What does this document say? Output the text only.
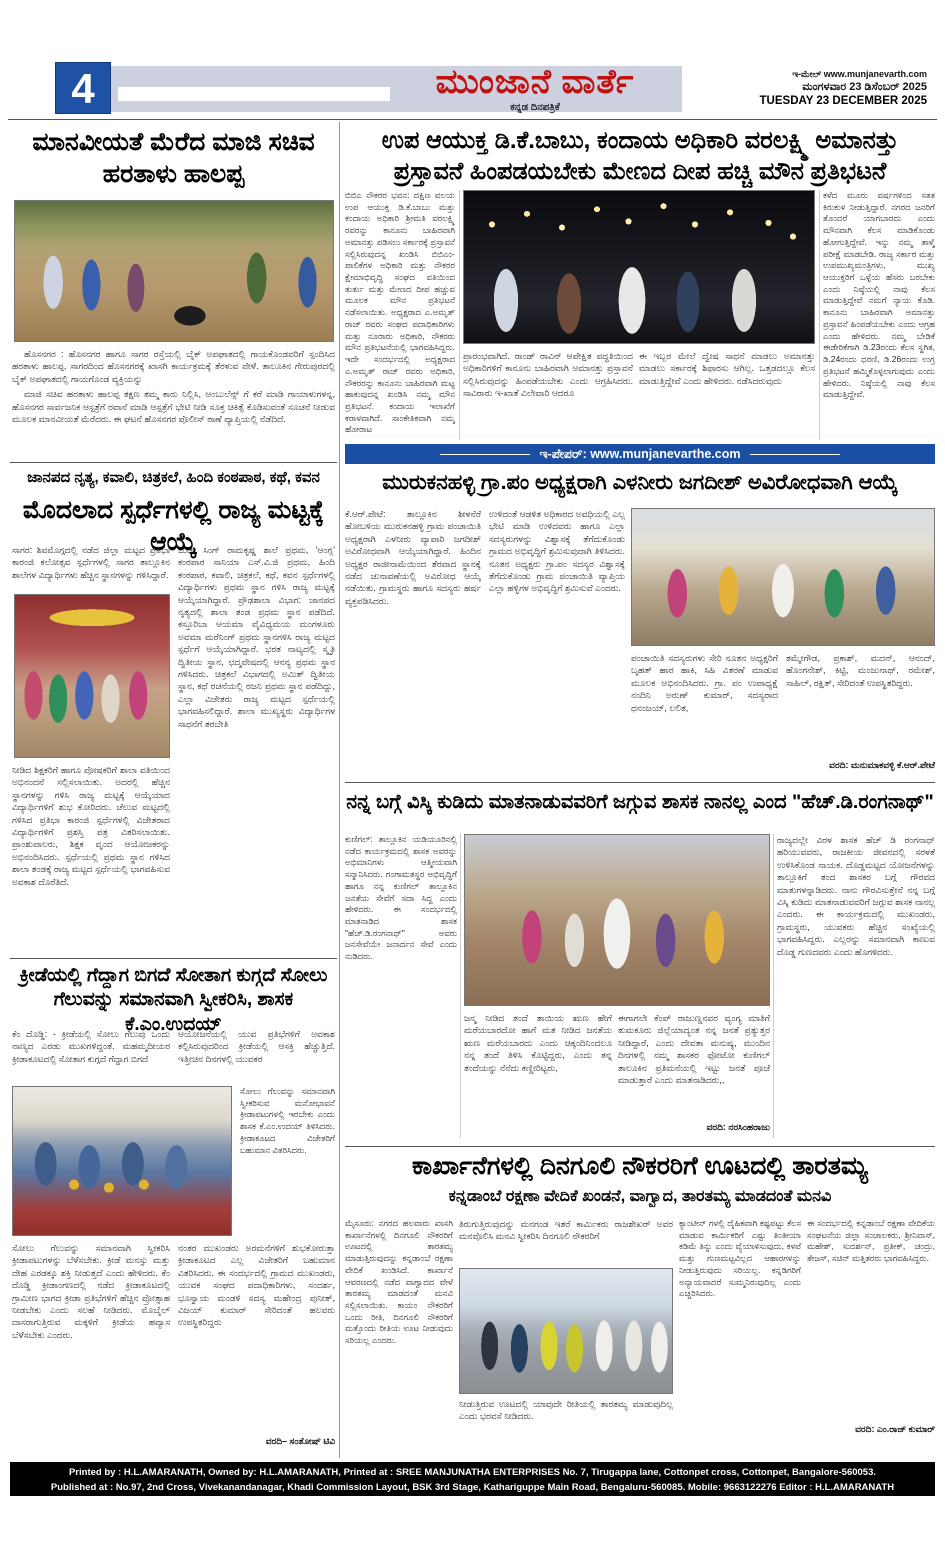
4	ಮುಂಜಾನೆ ವಾರ್ತೆ
ಕನ್ನಡ ದಿನಪತ್ರಿಕೆ
ಇ-ಮೇಲ್ www.munjanevarth.com
ಮಂಗಳವಾರ 23 ಡಿಸೆಂಬರ್ 2025
TUESDAY 23 DECEMBER 2025
ಮಾನವೀಯತೆ ಮೆರೆದ ಮಾಜಿ ಸಚಿವ ಹರತಾಳು ಹಾಲಪ್ಪ

ಹೊಸನಗರ : ಹೊಸನಗರ ಹಾಗೂ ಸಾಗರ ರಸ್ತೆಯಲ್ಲಿ ಬೈಕ್ ಅಪಘಾತದಲ್ಲಿ ಗಾಯಕೊಂಡವರಿಗೆ ಸ್ಪಂದಿಸಿದ ಹರತಾಳು ಹಾಲಪ್ಪ. ಸಾಗರದಿಂದ ಹೊಸನಗರಕ್ಕೆ ಖಾಸಗಿ ಕಾರ್ಯಕ್ರಮಕ್ಕೆ ತೆರಳುವ ವೇಳೆ. ತಾಲೂಕಿನ ಗೇರುಪುರದಲ್ಲಿ ಬೈಕ್ ಅಪಘಾತದಲ್ಲಿ ಗಾಯಗೊಂಡ ವ್ಯಕ್ತಿಯನ್ನು

ಮಾಜಿ ಸಚಿವ ಹರತಾಳು ಹಾಲಪ್ಪ ತಕ್ಷಣ ತಮ್ಮ ಕಾರು ನಿಲ್ಲಿಸಿ, ಆಂಬುಲೆನ್ಸ್ ಗೆ ಕರೆ ಮಾಡಿ ಗಾಯಾಳುಗಳನ್ನ, ಹೊಸನಗರ ಸಾರ್ವಜನಿಕ ಆಸ್ಪತ್ರೆಗೆ ರವಾನೆ ಮಾಡಿ ಆಸ್ಪತ್ರೆಗೆ ಭೇಟಿ ನೀಡಿ ಸೂಕ್ತ ಚಿಕಿತ್ಸೆ ಕೊಡಿಸುವಂತೆ ಸೂಚನೆ ನೀಡುವ ಮೂಲಕ ಮಾನವೀಯತೆ ಮೆರೆದರು. ಈ ಘಟನೆ ಹೊಸನಗರ ಪೊಲೀಸ್ ಠಾಣೆ ವ್ಯಾಪ್ತಿಯಲ್ಲಿ ನೆಡೆದಿದೆ.

ಉಪ ಆಯುಕ್ತ ಡಿ.ಕೆ.ಬಾಬು, ಕಂದಾಯ ಅಧಿಕಾರಿ ವರಲಕ್ಷ್ಮಿ ಅಮಾನತ್ತು
ಪ್ರಸ್ತಾವನೆ ಹಿಂಪಡಯಬೇಕು ಮೇಣದ ದೀಪ ಹಚ್ಚಿ ಮೌನ ಪ್ರತಿಭಟನೆ
ಬಿಬಿಎ ನೌಕರರ ಭವನ: ದಕ್ಷಿಣ ವಲಯ ಉಪ ಆಯುಕ್ತ ಡಿ.ಕೆ.ಬಾಬು ಮತ್ತು ಕಂದಾಯ ಅಧಿಕಾರಿ ಶ್ರೀಮತಿ ವರಲಕ್ಷ್ಮಿ ರವರನ್ನು ಕಾನೂನು ಬಾಹಿರವಾಗಿ ಅಮಾನತ್ತು ಪಡಿಸಲು ಸರ್ಕಾರಕ್ಕೆ ಪ್ರಸ್ತಾವನೆ ಸಲ್ಲಿಸಿರುವುದನ್ನ ಖಂಡಿಸಿ ಬಿಬಿಎಂ-ಪಾಲಿಕೆಗಳ ಅಧಿಕಾರಿ ಮತ್ತು ನೌಕರರ ಕ್ಷೇಮಾಭಿವೃದ್ಧಿ ಸಂಘದ ವತಿಯಿಂದ ತುರ್ತು ಮತ್ತು ಮೇಣದ ದೀಪ ಹಚ್ಚುವ ಮೂಲಕ ಮೌನ ಪ್ರತಿಭಟನೆ ನಡೆಸಲಾಯಿತು. ಅಧ್ಯಕ್ಷರಾದ ಎ.ಅಮೃತ್ ರಾಜ್ ರವರು ಸಂಘದ ಪದಾಧಿಕಾರಿಗಳು ಮತ್ತು ನೂರಾರು ಅಧಿಕಾರಿ, ನೌಕರರು ಮೌನ ಪ್ರತಿಭಟನೆಯಲ್ಲಿ ಭಾಗವಹಿಸಿದ್ದರು. ಇದೇ ಸಂದರ್ಭದಲ್ಲಿ ಅಧ್ಯಕ್ಷರಾದ ಎ.ಅಮೃತ್ ರಾಜ್ ರವರು ಅಧಿಕಾರಿ, ನೌಕರರನ್ನು ಕಾನೂನು ಬಾಹಿರವಾಗಿ ಮಟ್ಟ ಹಾಕುವುದನ್ನ ಖಂಡಿಸಿ ನಮ್ಮ ಮೌನ ಪ್ರತಿಭಟನೆ. ಕಂದಾಯ ಇಲಾಖೆಗೆ ಕರಾಳವಾಗಿದೆ. ಸಾಂಕೇತಿಕವಾಗಿ ನಮ್ಮ ಹೋರಾಟ
ಪ್ರಾರಂಭವಾಗಿದೆ. ರಾಂಡ್ ರಾವಿನ್ ಆಪೇಕ್ಷಿತ ಪದ್ಧತಿಯಿಂದ ಅಧಿಕಾರಿಗಳಿಗೆ ಕಾನೂನು ಬಾಹಿರವಾಗಿ ಅಮಾನತ್ತು ಪ್ರಸ್ತಾವನೆ ಸಲ್ಲಿಸಿರುವುದನ್ನು ಹಿಂಪಡೆಯಬೇಕು ಎಂದು ಆಗ್ರಹಿಸಿದರು. ಸಾವಿರಾರು ಇ-ಖಾತೆ ವಿಲೇವಾರಿ ಆದರೂ
ಈ ಇಬ್ಬರ ಮೇಲೆ ದ್ವೇಷ ಸಾಧನೆ ಮಾಡಲು ಅಮಾನತ್ತು ಮಾಡಲು ಸರ್ಕಾರಕ್ಕೆ ಶಿಫಾರಸು ಆಗಿಲ್ಲ. ಒತ್ತಡದಲ್ಲೂ ಕೆಲಸ ಮಾಡುತ್ತಿದ್ದೇವೆ ಎಂದು ಹೇಳಿದರು. ನಡೆಸಿದರುವುದು
ಕಳೆದ ಮೂರು ವರ್ಷಗಳಿಂದ ಸತತ ಕಿರುಕುಳ ನೀಡುತ್ತಿದ್ದಾರೆ. ನಗರದ ಜನರಿಗೆ ತೊಂದರೆ ಯಾಗಬಾರದು ಎಂದು ಮೌನವಾಗಿ ಕೆಲಸ ಮಾಡಿಕೊಂಡು ಹೋಗುತ್ತಿದ್ದೇವೆ. ಇನ್ನು ನಮ್ಮ ತಾಳ್ಮೆ ಪರೀಕ್ಷೆ ಮಾಡಬೇಡಿ. ರಾಜ್ಯ ಸರ್ಕಾರ ಮತ್ತು ಉಪಮುಖ್ಯಮಂತ್ರಿಗಳು, ಮುಖ್ಯ ಆಯುಕ್ತರಿಗೆ ಒಳ್ಳೆಯ ಹೆಸರು ಬರಬೇಕು ಎಂದು ನಿಷ್ಠೆಯಲ್ಲಿ ನಾವು ಕೆಲಸ ಮಾಡುತ್ತಿದ್ದೇವೆ ನಮಗೆ ನ್ಯಾಯ ಕೊಡಿ. ಕಾನೂನು ಬಾಹಿರವಾಗಿ ಅಮಾನತ್ತು ಪ್ರಸ್ತಾವನೆ ಹಿಂಪಡೆಯಬೇಕು ಎಂದು ಆಗ್ರಹ ಎಂದು ಹೇಳಿದರು. ನಮ್ಮ ಬೇಡಿಕೆ ಈಡೇರಿಕೆಗಾಗಿ ಡಿ.23ರಂದು ಕೆಲಸ ಸ್ಥಗಿತ, ಡಿ.24ರಂದು ಧರಣಿ, ಡಿ.26ರಂದು ಉಗ್ರ ಪ್ರತಿಭಟನೆ ಹಮ್ಮಿಕೊಳ್ಳಲಾಗುವುದು ಎಂದು ಹೇಳಿದರು. ನಿಷ್ಠೆಯಲ್ಲಿ ನಾವು ಕೆಲಸ ಮಾಡುತ್ತಿದ್ದೇವೆ.
ಇ-ಪೇಪರ್: www.munjanevarthe.com
ಜಾನಪದ ನೃತ್ಯ, ಕವಾಲಿ, ಚಿತ್ರಕಲೆ, ಹಿಂದಿ ಕಂಠಪಾಠ, ಕಥೆ, ಕವನ
ಮೊದಲಾದ ಸ್ಪರ್ಧೆಗಳಲ್ಲಿ ರಾಜ್ಯ ಮಟ್ಟಕ್ಕೆ ಆಯ್ಕೆ
ಸಾಗರ: ಶಿವಮೊಗ್ಗದಲ್ಲಿ ನಡೆದ ಜಿಲ್ಲಾ ಮಟ್ಟದ ಪ್ರತಿಭಾ ಕಾರಂಜಿ ಕಲೋತ್ಸವ ಸ್ಪರ್ಧೆಗಳಲ್ಲಿ ಸಾಗರ ತಾಲ್ಲೂಕಿನ ಶಾಲೆಗಳ ವಿದ್ಯಾರ್ಥಿಗಳು ಹೆಚ್ಚಿನ ಸ್ಥಾನಗಳನ್ನು ಗಳಿಸಿದ್ದಾರೆ.
ನೀಡಿದ ಶಿಕ್ಷಕರಿಗೆ ಹಾಗೂ ಪೋಷಕರಿಗೆ ಶಾಲಾ ವತಿಯಿಂದ ಅಭಿನಂದನೆ ಸಲ್ಲಿಸಲಾಯಿತು. ಅದರಲ್ಲಿ ಹೆಚ್ಚಿನ ಸ್ಥಾನಗಳನ್ನು ಗಳಿಸಿ ರಾಜ್ಯ ಮಟ್ಟಕ್ಕೆ ಆಯ್ಕೆಯಾದ ವಿದ್ಯಾರ್ಥಿಗಳಿಗೆ ಶುಭ ಕೋರಿದರು. ಚೆಲುವ ಮಟ್ಟದಲ್ಲಿ ಗಳಿಸಿದ ಪ್ರತಿಭಾ ಕಾರಂಜಿ ಸ್ಪರ್ಧೆಗಳಲ್ಲಿ ವಿಜೇತರಾದ ವಿದ್ಯಾರ್ಥಿಗಳಿಗೆ ಪ್ರಶಸ್ತಿ ಪತ್ರ ವಿತರಿಸಲಾಯಿತು. ಪ್ರಾಂಶುಪಾಲರು, ಶಿಕ್ಷಕ ವೃಂದ ಆಯೋಜಕರನ್ನು ಅಭಿನಂದಿಸಿದರು. ಸ್ಪರ್ಧೆಯಲ್ಲಿ ಪ್ರಥಮ ಸ್ಥಾನ ಗಳಿಸಿದ ಶಾಲಾ ತಂಡಕ್ಕೆ ರಾಜ್ಯ ಮಟ್ಟದ ಸ್ಪರ್ಧೆಯಲ್ಲಿ ಭಾಗವಹಿಸುವ ಅವಕಾಶ ದೊರೆತಿದೆ.
ಬುಡಾ ಸಿಂಗ್ ರಾಮಕೃಷ್ಣ ಶಾಲೆ ಪ್ರಥಮ, 'ಆಂಗ್ಲ' ಕಂಠಪಾಠ ಸಾನಿಯಾ ಎಸ್.ವಿ.ಜಿ ಪ್ರಥಮ, ಹಿಂದಿ ಕಂಠಪಾಠ, ಕವಾಲಿ, ಚಿತ್ರಕಲೆ, ಕಥೆ, ಕವನ ಸ್ಪರ್ಧೆಗಳಲ್ಲಿ ವಿದ್ಯಾರ್ಥಿಗಳು ಪ್ರಥಮ ಸ್ಥಾನ ಗಳಿಸಿ ರಾಜ್ಯ ಮಟ್ಟಕ್ಕೆ ಆಯ್ಕೆಯಾಗಿದ್ದಾರೆ. ಪ್ರೌಢಶಾಲಾ ವಿಭಾಗ: ಜಾನಪದ ನೃತ್ಯದಲ್ಲಿ ಶಾಲಾ ತಂಡ ಪ್ರಥಮ ಸ್ಥಾನ ಪಡೆದಿದೆ. ಕಸ್ತೂರಿಬಾ ಆಯಮಾ ವೈವಿಧ್ಯಮಯ ಮಂಗಳೂರು ಅವಮಾ ಮರೆನಿಂಗ್ ಪ್ರಥಮ ಸ್ಥಾನಗಳಿಸಿ ರಾಜ್ಯ ಮಟ್ಟದ ಸ್ಪರ್ಧೆಗೆ ಆಯ್ಕೆಯಾಗಿದ್ದಾರೆ. ಭರತ ನಾಟ್ಯದಲ್ಲಿ ಸ್ಮೃತಿ ದ್ವಿತೀಯ ಸ್ಥಾನ, ಛದ್ಮವೇಷದಲ್ಲಿ ಆನನ್ಯ ಪ್ರಥಮ ಸ್ಥಾನ ಗಳಿಸಿದರು. ಚಿತ್ರಕಲೆ ವಿಭಾಗದಲ್ಲಿ ಅಮಿತ್ ದ್ವಿತೀಯ ಸ್ಥಾನ, ಕಥೆ ರಚನೆಯಲ್ಲಿ ರಜನಿ ಪ್ರಥಮ ಸ್ಥಾನ ಪಡೆದಿದ್ದು, ಎಲ್ಲಾ ವಿಜೇತರು ರಾಜ್ಯ ಮಟ್ಟದ ಸ್ಪರ್ಧೆಯಲ್ಲಿ ಭಾಗವಹಿಸಲಿದ್ದಾರೆ. ಶಾಲಾ ಮುಖ್ಯಸ್ಥರು ವಿದ್ಯಾರ್ಥಿಗಳ ಸಾಧನೆಗೆ ತರಬೇತಿ
ಮುರುಕನಹಳ್ಳಿ ಗ್ರಾ.ಪಂ ಅಧ್ಯಕ್ಷರಾಗಿ ಎಳನೀರು ಜಗದೀಶ್ ಅವಿರೋಧವಾಗಿ ಆಯ್ಕೆ
ಕೆ.ಆರ್.ಪೇಟೆ: ತಾಲ್ಲೂಕಿನ ಶೀಳನೆರೆ ಹೋಬಳಿಯ ಮುರುಕನಹಳ್ಳಿ ಗ್ರಾಮ ಪಂಚಾಯಿತಿ ಅಧ್ಯಕ್ಷರಾಗಿ ಎಳನೀರು ವ್ಯಾಪಾರಿ ಜಗದೀಶ್ ಅವಿರೋಧವಾಗಿ ಆಯ್ಕೆಯಾಗಿದ್ದಾರೆ. ಹಿಂದಿನ ಅಧ್ಯಕ್ಷರ ರಾಜೀನಾಮೆಯಿಂದ ತೆರವಾದ ಸ್ಥಾನಕ್ಕೆ ನಡೆದ ಚುನಾವಣೆಯಲ್ಲಿ ಅವಿರೋಧ ಆಯ್ಕೆ ನಡೆಯಿತು. ಗ್ರಾಮಸ್ಥರು ಹಾಗೂ ಸದಸ್ಯರು ಹರ್ಷ ವ್ಯಕ್ತಪಡಿಸಿದರು.
ಉಳಿದಂತೆ ಆಡಳಿತ ಅಧಿಕಾರದ ಅವಧಿಯಲ್ಲಿ ಎಲ್ಲ ಭೇಟಿ ಮಾಡಿ ಉಳಿದವರು ಹಾಗೂ ಎಲ್ಲಾ ಸದಸ್ಯರುಗಳನ್ನು ವಿಶ್ವಾಸಕ್ಕೆ ತೆಗೆದುಕೊಂಡು ಗ್ರಾಮದ ಅಭಿವೃದ್ಧಿಗೆ ಶ್ರಮಿಸುವುದಾಗಿ ತಿಳಿಸಿದರು. ನೂತನ ಅಧ್ಯಕ್ಷರು ಗ್ರಾ.ಪಂ ಸದಸ್ಯರ ವಿಶ್ವಾಸಕ್ಕೆ ತೆಗೆದುಕೊಂಡು ಗ್ರಾಮ ಪಂಚಾಯಿತಿ ವ್ಯಾಪ್ತಿಯ ಎಲ್ಲಾ ಹಳ್ಳಿಗಳ ಅಭಿವೃದ್ಧಿಗೆ ಶ್ರಮಿಸುವೆ ಎಂದರು.
ಪಂಚಾಯಿತಿ ಸದಸ್ಯರುಗಳು ಸೇರಿ ನೂತನ ಅಧ್ಯಕ್ಷರಿಗೆ ಬೃಹತ್ ಹಾರ ಹಾಕಿ, ಸಿಹಿ ವಿತರಣೆ ಮಾಡುವ ಮೂಲಕ ಅಭಿನಂದಿಸಿದರು. ಗ್ರಾ. ಪಂ ಉಪಾಧ್ಯಕ್ಷೆ ನಂದಿನಿ ಅರುಣ್ ಕುಮಾರ್, ಸದಸ್ಯರಾದ ಧನಂಜಯ್, ಲಲಿತ,
ತಮ್ಮೇಗೌಡ, ಪ್ರಕಾಶ್, ಮದನ್, ಆನಂದ್, ಹೊಂಗನೇಶ್, ಕಿಟ್ಟಿ, ಮಂಜುನಾಥ್, ರಮೇಶ್, ಸಾಹಿಲ್, ರಕ್ಷಿತ್, ಸೇರಿದಂತೆ ಉಪಸ್ಥಿತರಿದ್ದರು.
ವರದಿ: ಮನುಮಾಕವಳ್ಳಿ ಕೆ.ಆರ್.ಪೇಟೆ
ನನ್ನ ಬಗ್ಗೆ ವಿಸ್ಕಿ ಕುಡಿದು ಮಾತನಾಡುವವರಿಗೆ ಜಗ್ಗುವ ಶಾಸಕ ನಾನಲ್ಲ ಎಂದ "ಹೆಚ್.ಡಿ.ರಂಗನಾಥ್"
ಕುಣಿಗಲ್: ತಾಲ್ಲೂಕಿನ ಯಡಿಯೂರಿನಲ್ಲಿ ನಡೆದ ಕಾರ್ಯಕ್ರಮದಲ್ಲಿ ಶಾಸಕ ಅವರನ್ನು ಅಭಿಮಾನಿಗಳು ಆತ್ಮೀಯವಾಗಿ ಸನ್ಮಾನಿಸಿದರು. ಗಂಗಾಮತಸ್ಥರ ಅಭಿವೃದ್ಧಿಗೆ ಹಾಗೂ ನನ್ನ ಕುಣಿಗಲ್ ತಾಲ್ಲೂಕಿನ ಜನತೆಯ ಸೇವೆಗೆ ಸದಾ ಸಿದ್ಧ ಎಂದು ಹೇಳಿದರು. ಈ ಸಂದರ್ಭದಲ್ಲಿ ಮಾತನಾಡಿದ ಶಾಸಕ "ಹೆಚ್.ಡಿ.ರಂಗನಾಥ್" ಅವರು ಜನಸೇವೆಯೇ ಜನಾರ್ದನ ಸೇವೆ ಎಂದು ನುಡಿದರು.
ಜನ್ಮ ನೀಡಿದ ತಂದೆ ತಾಯಿಯ ಋಣ ಹೇಗೆ ಮರೆಯಬಾರದೋ ಹಾಗೆ ಮತ ನೀಡಿದ ಜನತೆಯ ಋಣ ಮರೆಯಬಾರದು ಎಂದು ಚಿಕ್ಕಂದಿನಿಂದಲೂ ನನ್ನ ತಂದೆ ತಿಳಿಸಿ ಕೊಟ್ಟಿದ್ದರು, ಎಂದು ತನ್ನ ತಂದೆಯನ್ನು ನೆನೆದು ಕಣ್ಣೀರಿಟ್ಟರು,
ಈಗಾಗಲೇ ಕೆಂಪ್ ರಾಜುಣ್ಣನವರ ವ್ಯಂಗ್ಯ ಮಾತಿಗೆ ತುಮಕೂರು ಜಿಲ್ಲೆಯಾದ್ಯಂತ ನನ್ನ ಜನತೆ ಪ್ರತ್ಯುತ್ತರ ನೀಡಿದ್ದಾರೆ, ಎಂದು ದೇವತಾ ಮನುಷ್ಯ, ಮುಂದಿನ ದಿನಗಳಲ್ಲಿ ನಮ್ಮ ಶಾಸಕರ ಫೋಟೋ ಕುಣಿಗಲ್ ತಾಲೂಕಿನ ಪ್ರತಿಮನೆಯಲ್ಲಿ ಇಟ್ಟು ಜನತೆ ಪೂಜೆ ಮಾಡುತ್ತಾರೆ ಎಂದು ಮಾತನಾಡಿದರು,,
ವರದಿ: ನರಸಿಂಹರಾಜು
ರಾಜ್ಯದಲ್ಲೇ ವಿರಳ ಶಾಸಕ ಹೆಚ್ ಡಿ ರಂಗನಾಥ್ ಹರಿಯುವವರು, ರಾಜಕೀಯ ಜೀವನದಲ್ಲಿ ಸರಳತೆ ಉಳಿಸಿಕೊಂಡ ನಾಯಕ. ದೊಡ್ಡಮಟ್ಟದ ಯೋಜನೆಗಳನ್ನು ತಾಲ್ಲೂಕಿಗೆ ತಂದ ಶಾಸಕರ ಬಗ್ಗೆ ಗೌರವದ ಮಾತುಗಳನ್ನಾಡಿದರು. ನಾನು ಗೌರವಿಸುತ್ತೇನೆ ನನ್ನ ಬಗ್ಗೆ ವಿಸ್ಕಿ ಕುಡಿದು ಮಾತನಾಡುವವರಿಗೆ ಜಗ್ಗುವ ಶಾಸಕ ನಾನಲ್ಲ ಎಂದರು. ಈ ಕಾರ್ಯಕ್ರಮದಲ್ಲಿ ಮುಖಂಡರು, ಗ್ರಾಮಸ್ಥರು, ಯುವಕರು ಹೆಚ್ಚಿನ ಸಂಖ್ಯೆಯಲ್ಲಿ ಭಾಗವಹಿಸಿದ್ದರು. ಎಲ್ಲರನ್ನು ಸಮಾನವಾಗಿ ಕಾಣುವ ದೊಡ್ಡ ಗುಣದವರು ಎಂದು ಹೊಗಳಿದರು.
ಕ್ರೀಡೆಯಲ್ಲಿ ಗೆದ್ದಾಗ ಬಿಗದೆ ಸೋತಾಗ ಕುಗ್ಗದೆ ಸೋಲು ಗೆಲುವನ್ನು ಸಮಾನವಾಗಿ ಸ್ವೀಕರಿಸಿ, ಶಾಸಕ ಕೆ.ಎಂ.ಉದಯ್
ಕೆಂ ದೊಡ್ಡಿ: - ಕ್ರೀಡೆಯಲ್ಲಿ ಸೋಲು ಗೆಲುವು ಒಂದು ನಾಣ್ಯದ ಎರಡು ಮುಖಗಳಿದ್ದಂತೆ. ಮಹಮ್ಮದೀಯರ ಕ್ರೀಡಾಕೂಟದಲ್ಲಿ ಸೋತಾಗ ಕುಗ್ಗದೆ ಗೆದ್ದಾಗ ಬಿಗದೆ
ಆಯೋಜನೆಯಲ್ಲಿ ಯುವ ಪ್ರತಿಭೆಗಳಿಗೆ ಅವಕಾಶ ಕಲ್ಪಿಸಿರುವುದರಿಂದ ಕ್ರೀಡೆಯಲ್ಲಿ ಆಸಕ್ತಿ ಹೆಚ್ಚುತ್ತಿದೆ. ಇತ್ತೀಚಿನ ದಿನಗಳಲ್ಲಿ ಯುವಕರ
ಸೋಲು ಗೆಲುವನ್ನು ಸಮಾನವಾಗಿ ಸ್ವೀಕರಿಸುವ ಮನೋಭಾವನೆ ಕ್ರೀಡಾಪಟುಗಳಲ್ಲಿ ಇರಬೇಕು ಎಂದು ಶಾಸಕ ಕೆ.ಎಂ.ಉದಯ್ ತಿಳಿಸಿದರು. ಕ್ರೀಡಾಕೂಟದ ವಿಜೇತರಿಗೆ ಬಹುಮಾನ ವಿತರಿಸಿದರು.
ಸೋಲು ಗೆಲುವನ್ನು ಸಮಾನವಾಗಿ ಸ್ವೀಕರಿಸಿ ಕ್ರೀಡಾಪಟುಗಳನ್ನು ಬೆಳೆಸಬೇಕು. ಕ್ರೀಡೆ ಮನಸ್ಸು ಮತ್ತು ದೇಹ ಎರಡಕ್ಕೂ ಶಕ್ತಿ ನೀಡುತ್ತದೆ ಎಂದು ಹೇಳಿದರು. ಕೆಂ ದೊಡ್ಡಿ ಕ್ರೀಡಾಂಗಣದಲ್ಲಿ ನಡೆದ ಕ್ರೀಡಾಕೂಟದಲ್ಲಿ ಗ್ರಾಮೀಣ ಭಾಗದ ಕ್ರೀಡಾ ಪ್ರತಿಭೆಗಳಿಗೆ ಹೆಚ್ಚಿನ ಪ್ರೋತ್ಸಾಹ ನೀಡಬೇಕು ಎಂದು ಸಲಹೆ ನೀಡಿದರು. ಮೊಬೈಲ್ ದಾಸರಾಗುತ್ತಿರುವ ಮಕ್ಕಳಿಗೆ ಕ್ರೀಡೆಯ ಹವ್ಯಾಸ ಬೆಳೆಸಬೇಕು ಎಂದರು.
ನಂತರ ಮುಖಂಡರು ಅರಮನೆಗಳಿಗೆ ಶುಭಕೋರುತ್ತಾ ಕ್ರೀಡಾಕೂಟದ ಎಲ್ಲ ವಿಜೇತರಿಗೆ ಬಹುಮಾನ ವಿತರಿಸಿದರು. ಈ ಸಂದರ್ಭದಲ್ಲಿ ಗ್ರಾಮದ ಮುಖಂಡರು, ಯುವಕ ಸಂಘದ ಪದಾಧಿಕಾರಿಗಳು, ಸಂದರ್ಶ, ಭೂಸ್ವಾಯ ಮಂಡಳಿ ಸದಸ್ಯ ಮಹೇಂದ್ರ ಪುನೀತ್, ವಿಜಯ್ ಕುಮಾರ್ ಸೇರಿದಂತೆ ಹಲವರು ಉಪಸ್ಥಿತರಿದ್ದರು
ವರದಿ– ಸಂತೋಷ್ ಟಿವಿ
ಕಾರ್ಖಾನೆಗಳಲ್ಲಿ ದಿನಗೂಲಿ ನೌಕರರಿಗೆ ಊಟದಲ್ಲಿ ತಾರತಮ್ಯ
ಕನ್ನಡಾಂಬೆ ರಕ್ಷಣಾ ವೇದಿಕೆ ಖಂಡನೆ, ವಾಗ್ವಾದ, ತಾರತಮ್ಯ ಮಾಡದಂತೆ ಮನವಿ
ಮೈಸೂರು: ನಗರದ ಹಲವಾರು ಖಾಸಗಿ ಕಾರ್ಖಾನೆಗಳಲ್ಲಿ ದಿನಗೂಲಿ ನೌಕರರಿಗೆ ಊಟದಲ್ಲಿ ತಾರತಮ್ಯ ಮಾಡುತ್ತಿರುವುದನ್ನು ಕನ್ನಡಾಂಬೆ ರಕ್ಷಣಾ ವೇದಿಕೆ ಖಂಡಿಸಿದೆ. ಕಾರ್ಖಾನೆ ಆವರಣದಲ್ಲಿ ನಡೆದ ವಾಗ್ವಾದದ ವೇಳೆ ತಾರತಮ್ಯ ಮಾಡದಂತೆ ಮನವಿ ಸಲ್ಲಿಸಲಾಯಿತು. ಕಾಯಂ ನೌಕರರಿಗೆ ಒಂದು ರೀತಿ, ದಿನಗೂಲಿ ನೌಕರರಿಗೆ ಮತ್ತೊಂದು ರೀತಿಯ ಊಟ ನೀಡುವುದು ಸರಿಯಲ್ಲ ಎಂದರು.
ತಿರುಗುತ್ತಿರುವುದನ್ನು ಮನಗಂಡ ಇತರೆ ಕಾರ್ಮಿಕರು ರಾಜಶೇಖರ್ ಅವರ ಮನವೊಲಿಸಿ ಮನವಿ ಸ್ವೀಕರಿಸಿ ದಿನಗೂಲಿ ನೌಕರರಿಗೆ
ನೀಡುತ್ತಿರುವ ಊಟದಲ್ಲಿ ಯಾವುದೇ ರೀತಿಯಲ್ಲಿ ತಾರತಮ್ಯ ಮಾಡುವುದಿಲ್ಲ ಎಂದು ಭರವಸೆ ನೀಡಿದರು.
ಕ್ಯಾಂಟೀನ್ ಗಳಲ್ಲಿ ದೈಹಿಕವಾಗಿ ಕಷ್ಟಪಟ್ಟು ಕೆಲಸ ಮಾಡುವ ಕಾರ್ಮಿಕರಿಗೆ ಎಷ್ಟು ತಿಂತೀಯಾ ಕಡಿಮೆ ತಿನ್ನು ಎಂದು ವ್ಯೆಯಾಳಿಸುವುದು, ಕಳಪೆ ಮತ್ತು ಗುಣಮಟ್ಟವಿಲ್ಲದ ಆಹಾರಗಳನ್ನು ನೀಡುತ್ತಿರುವುದು ಸರಿಯಲ್ಲ. ಕನ್ನಡಿಗರಿಗೆ ಅನ್ಯಾಯವಾದರೆ ಸುಮ್ಮನಿರುವುದಿಲ್ಲ ಎಂದು ಎಚ್ಚರಿಸಿದರು.
ಈ ಸಂದರ್ಭದಲ್ಲಿ ಕನ್ನಡಾಂಬೆ ರಕ್ಷಣಾ ವೇದಿಕೆಯ ಸಂಘಟನೆಯ ಜಿಲ್ಲಾ ಸಂಚಾಲಕರು, ಶ್ರೀನಿವಾಸ್, ಮಹೇಶ್, ಸುದರ್ಶನ್, ಪ್ರತೀಕ್, ಚಂದ್ರು, ತೇಜಸ್, ಸಚಿನ್ ಮತ್ತಿತರರು ಭಾಗವಹಿಸಿದ್ದರು.
ವರದಿ: ಎಂ.ರಾಜ್ ಕುಮಾರ್
Printed by : H.L.AMARANATH, Owned by: H.L.AMARANATH, Printed at : SREE MANJUNATHA ENTERPRISES No. 7, Tirugappa lane, Cottonpet cross, Cottonpet, Bangalore-560053.
Published at : No.97, 2nd Cross, Vivekanandanagar, Khadi Commission Layout, BSK 3rd Stage, Kathariguppe Main Road, Bengaluru-560085. Mobile: 9663122276 Editor : H.L.AMARANATH
